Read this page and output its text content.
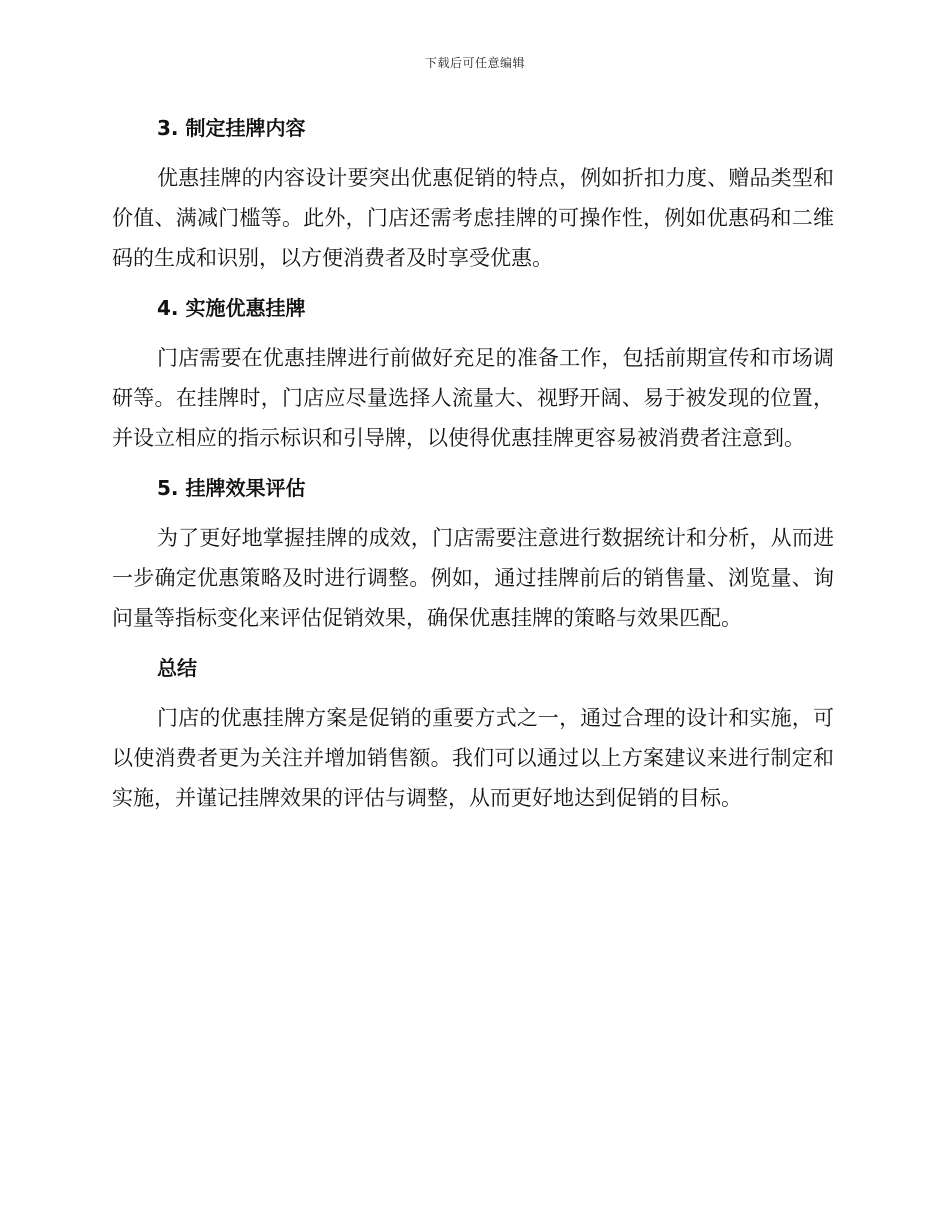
下载后可任意编辑
3. 制定挂牌内容

优惠挂牌的内容设计要突出优惠促销的特点，例如折扣力度、赠品类型和价值、满减门槛等。此外，门店还需考虑挂牌的可操作性，例如优惠码和二维码的生成和识别，以方便消费者及时享受优惠。

4. 实施优惠挂牌

门店需要在优惠挂牌进行前做好充足的准备工作，包括前期宣传和市场调研等。在挂牌时，门店应尽量选择人流量大、视野开阔、易于被发现的位置，并设立相应的指示标识和引导牌，以使得优惠挂牌更容易被消费者注意到。

5. 挂牌效果评估

为了更好地掌握挂牌的成效，门店需要注意进行数据统计和分析，从而进一步确定优惠策略及时进行调整。例如，通过挂牌前后的销售量、浏览量、询问量等指标变化来评估促销效果，确保优惠挂牌的策略与效果匹配。

总结

门店的优惠挂牌方案是促销的重要方式之一，通过合理的设计和实施，可以使消费者更为关注并增加销售额。我们可以通过以上方案建议来进行制定和实施，并谨记挂牌效果的评估与调整，从而更好地达到促销的目标。
